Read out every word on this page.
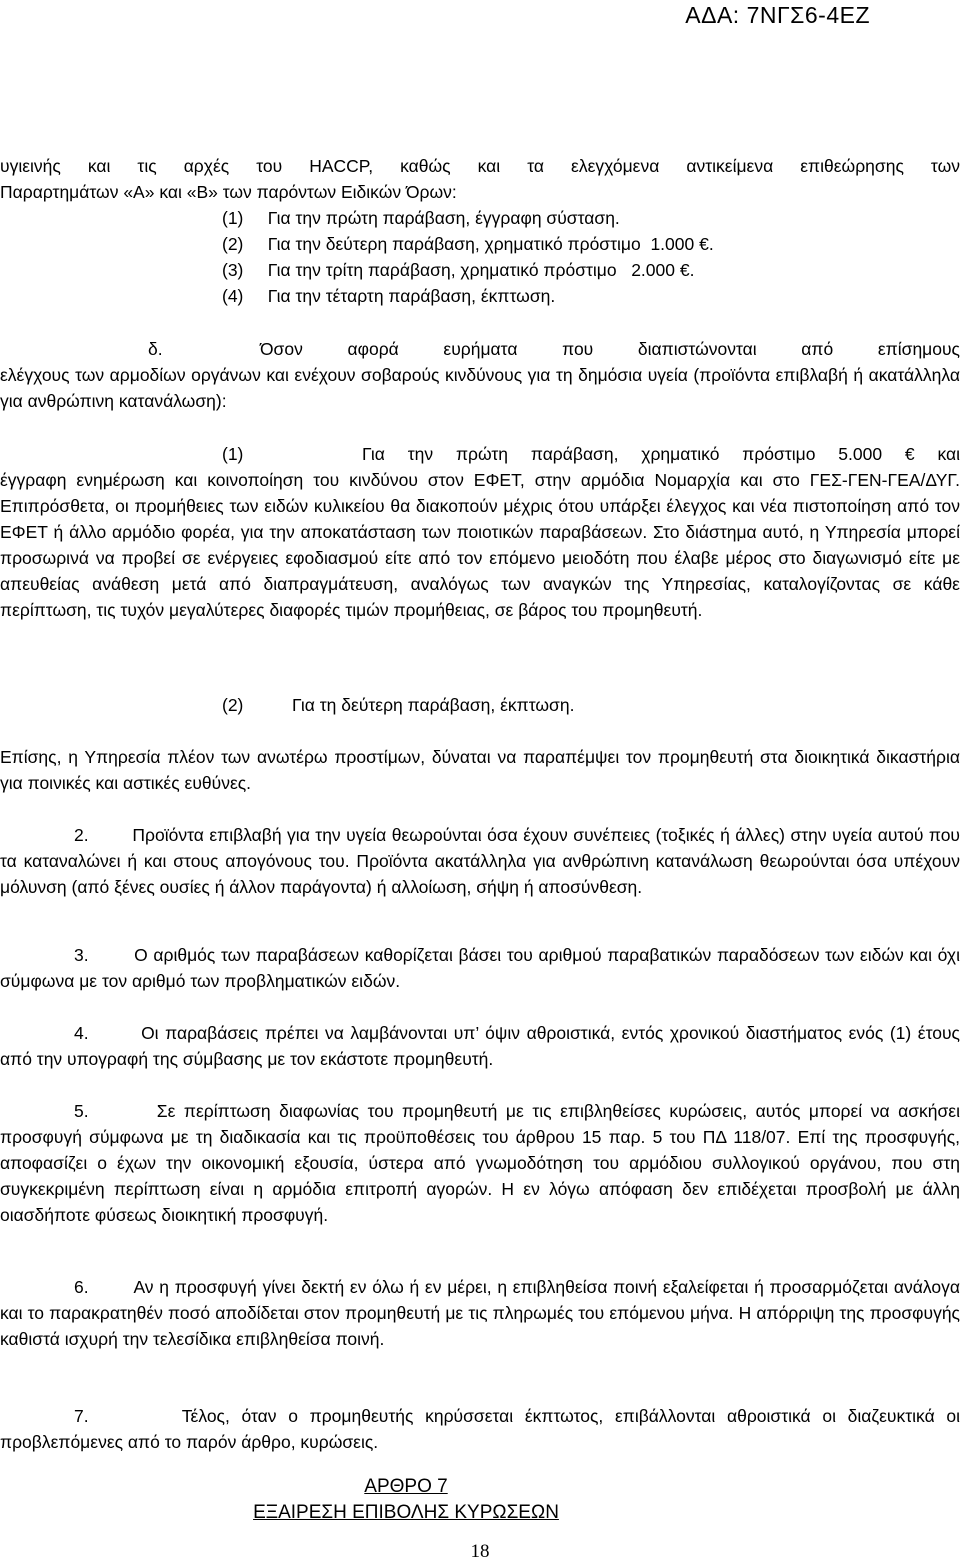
ΑΔΑ: 7ΝΓΣ6-4ΕΖ
υγιεινής και τις αρχές του HACCP, καθώς και τα ελεγχόμενα αντικείμενα επιθεώρησης των
Παραρτημάτων «Α» και «Β» των παρόντων Ειδικών Όρων:
(1)     Για την πρώτη παράβαση, έγγραφη σύσταση.
(2)     Για την δεύτερη παράβαση, χρηματικό πρόστιμο  1.000 €.
(3)     Για την τρίτη παράβαση, χρηματικό πρόστιμο   2.000 €.
(4)     Για την τέταρτη παράβαση, έκπτωση.
δ.	Όσον αφορά ευρήματα που διαπιστώνονται από επίσημους
ελέγχους των αρμοδίων οργάνων και ενέχουν σοβαρούς κινδύνους για τη δημόσια υγεία (προϊόντα επιβλαβή ή ακατάλληλα για ανθρώπινη κατανάλωση):
(1)	Για την πρώτη παράβαση, χρηματικό πρόστιμο 5.000 € και
έγγραφη ενημέρωση και κοινοποίηση του κινδύνου στον ΕΦΕΤ, στην αρμόδια Νομαρχία και στο ΓΕΣ-ΓΕΝ-ΓΕΑ/ΔΥΓ. Επιπρόσθετα, οι προμήθειες των ειδών κυλικείου θα διακοπούν μέχρις ότου υπάρξει έλεγχος και νέα πιστοποίηση από τον ΕΦΕΤ ή άλλο αρμόδιο φορέα, για την αποκατάσταση των ποιοτικών παραβάσεων. Στο διάστημα αυτό, η Υπηρεσία μπορεί προσωρινά να προβεί σε ενέργειες εφοδιασμού είτε από τον επόμενο μειοδότη που έλαβε μέρος στο διαγωνισμό είτε με απευθείας ανάθεση μετά από διαπραγμάτευση, αναλόγως των αναγκών της Υπηρεσίας, καταλογίζοντας σε κάθε περίπτωση, τις τυχόν μεγαλύτερες διαφορές τιμών προμήθειας, σε βάρος του προμηθευτή.
(2)          Για τη δεύτερη παράβαση, έκπτωση.
Επίσης, η Υπηρεσία πλέον των ανωτέρω προστίμων, δύναται να παραπέμψει τον προμηθευτή στα διοικητικά δικαστήρια για ποινικές και αστικές ευθύνες.
2.        Προϊόντα επιβλαβή για την υγεία θεωρούνται όσα έχουν συνέπειες (τοξικές ή άλλες) στην υγεία αυτού που τα καταναλώνει ή και στους απογόνους του. Προϊόντα ακατάλληλα για ανθρώπινη κατανάλωση θεωρούνται όσα υπέχουν μόλυνση (από ξένες ουσίες ή άλλον παράγοντα) ή αλλοίωση, σήψη ή αποσύνθεση.
3.        Ο αριθμός των παραβάσεων καθορίζεται βάσει του αριθμού παραβατικών παραδόσεων των ειδών και όχι σύμφωνα με τον αριθμό των προβληματικών ειδών.
4.        Οι παραβάσεις πρέπει να λαμβάνονται υπ’ όψιν αθροιστικά, εντός χρονικού διαστήματος ενός (1) έτους από την υπογραφή της σύμβασης με τον εκάστοτε προμηθευτή.
5.        Σε περίπτωση διαφωνίας του προμηθευτή με τις επιβληθείσες κυρώσεις, αυτός μπορεί να ασκήσει προσφυγή σύμφωνα με τη διαδικασία και τις προϋποθέσεις του άρθρου 15 παρ. 5 του ΠΔ 118/07. Επί της προσφυγής, αποφασίζει ο έχων την οικονομική εξουσία, ύστερα από γνωμοδότηση του αρμόδιου συλλογικού οργάνου, που στη συγκεκριμένη περίπτωση είναι η αρμόδια επιτροπή αγορών. Η εν λόγω απόφαση δεν επιδέχεται προσβολή με άλλη οιασδήποτε φύσεως διοικητική προσφυγή.
6.        Αν η προσφυγή γίνει δεκτή εν όλω ή εν μέρει, η επιβληθείσα ποινή εξαλείφεται ή προσαρμόζεται ανάλογα και το παρακρατηθέν ποσό αποδίδεται στον προμηθευτή με τις πληρωμές του επόμενου μήνα. Η απόρριψη της προσφυγής καθιστά ισχυρή την τελεσίδικα επιβληθείσα ποινή.
7.        Τέλος, όταν ο προμηθευτής κηρύσσεται έκπτωτος, επιβάλλονται αθροιστικά οι διαζευκτικά οι προβλεπόμενες από το παρόν άρθρο, κυρώσεις.
ΑΡΘΡΟ 7
ΕΞΑΙΡΕΣΗ ΕΠΙΒΟΛΗΣ ΚΥΡΩΣΕΩΝ
18
